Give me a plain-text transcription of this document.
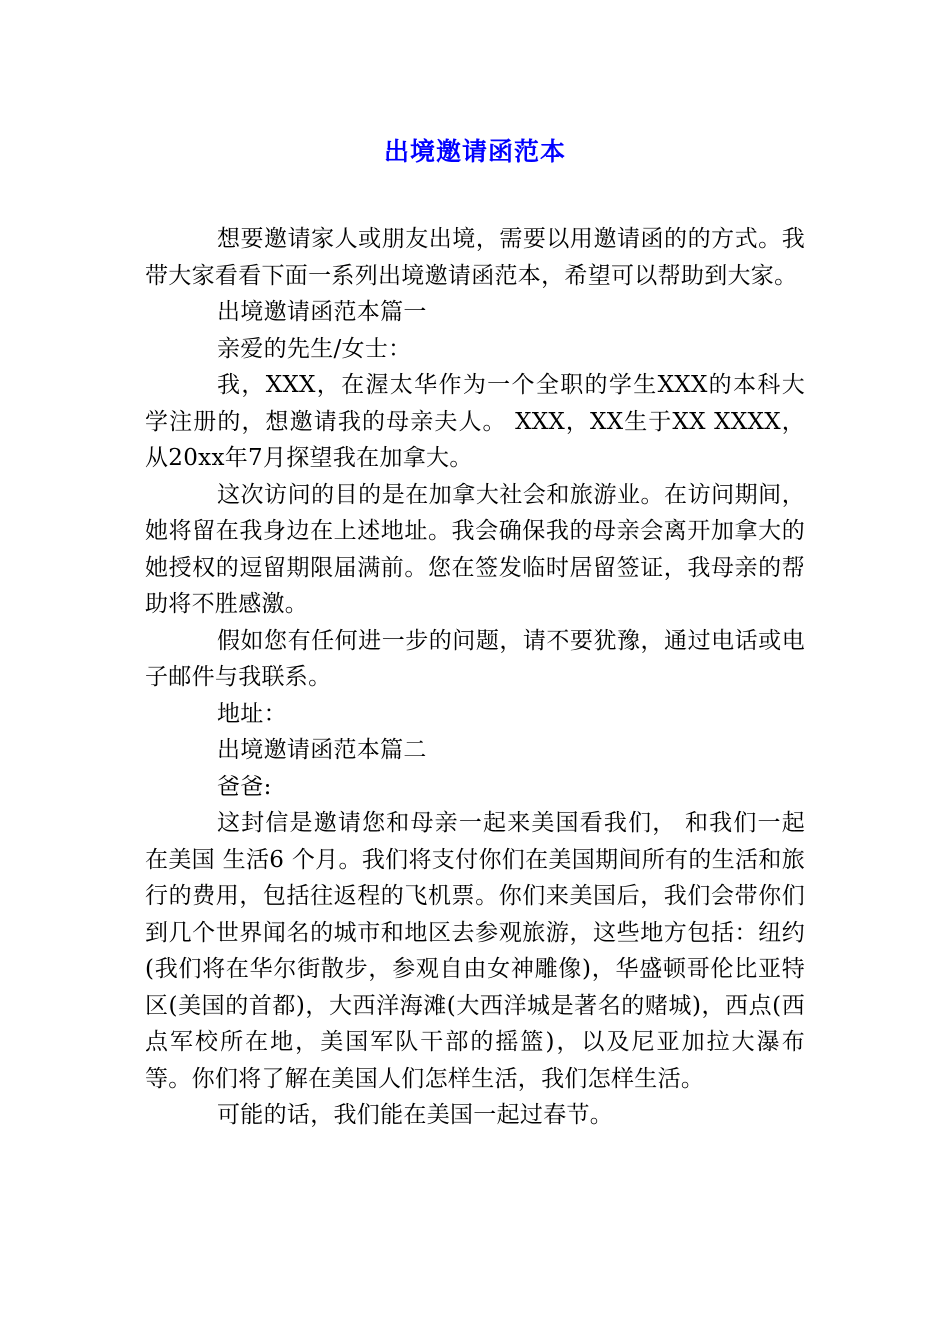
出境邀请函范本

想要邀请家人或朋友出境，需要以用邀请函的的方式。我带大家看看下面一系列出境邀请函范本，希望可以帮助到大家。

出境邀请函范本篇一

亲爱的先生/女士：

我，XXX，在渥太华作为一个全职的学生XXX的本科大学注册的，想邀请我的母亲夫人。 XXX，XX生于XX XXXX，从20xx年7月探望我在加拿大。

这次访问的目的是在加拿大社会和旅游业。在访问期间，她将留在我身边在上述地址。我会确保我的母亲会离开加拿大的她授权的逗留期限届满前。您在签发临时居留签证，我母亲的帮助将不胜感激。

假如您有任何进一步的问题，请不要犹豫，通过电话或电子邮件与我联系。

地址：

出境邀请函范本篇二

爸爸:

这封信是邀请您和母亲一起来美国看我们， 和我们一起在美国 生活6 个月。我们将支付你们在美国期间所有的生活和旅行的费用，包括往返程的飞机票。你们来美国后，我们会带你们到几个世界闻名的城市和地区去参观旅游，这些地方包括：纽约(我们将在华尔街散步，参观自由女神雕像)，华盛顿哥伦比亚特区(美国的首都)，大西洋海滩(大西洋城是著名的赌城)，西点(西点军校所在地，美国军队干部的摇篮)，以及尼亚加拉大瀑布等。你们将了解在美国人们怎样生活，我们怎样生活。

可能的话，我们能在美国一起过春节。
